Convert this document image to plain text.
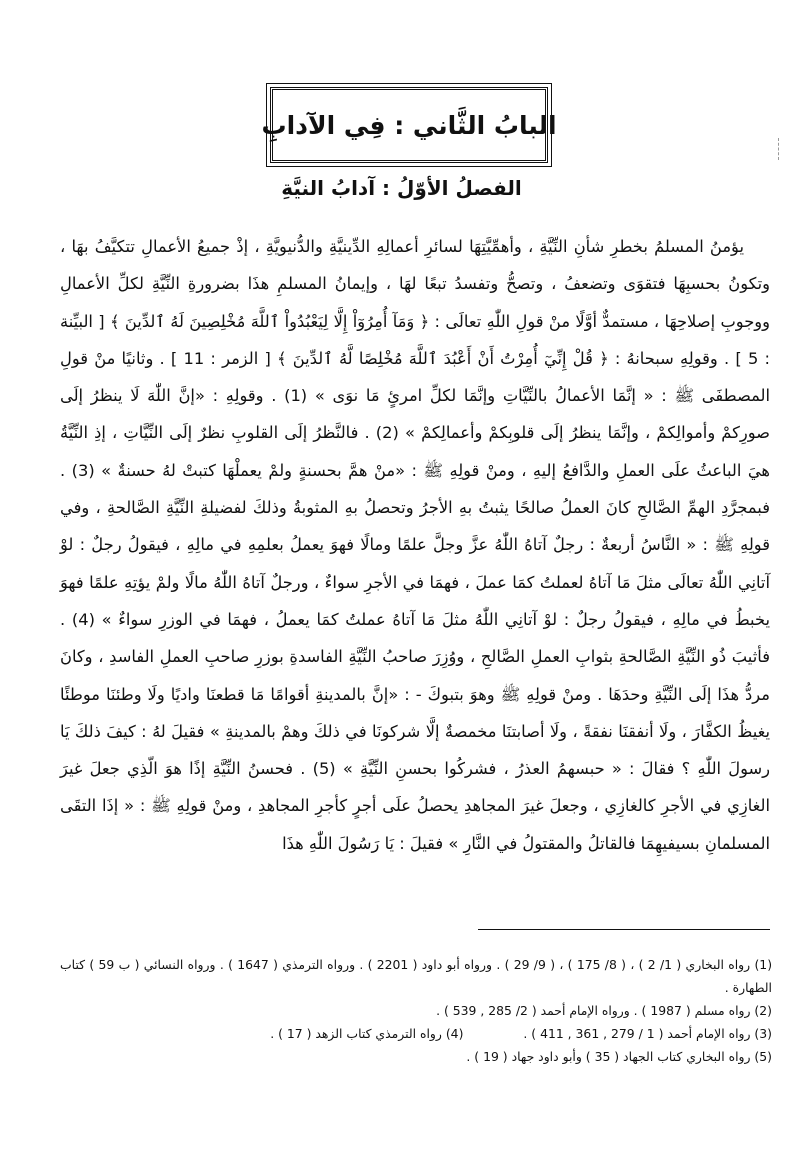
البابُ الثَّاني : فِي الآدابِ
الفصلُ الأوّلُ : آدابُ النيَّةِ

يؤمنُ المسلمُ بخطرِ شأنِ النِّيَّةِ ، وأهمِّيَّتِهَا لسائرِ أعمالِهِ الدِّينيَّةِ والدُّنيويَّةِ ، إذْ جميعُ الأعمالِ تتكيَّفُ بهَا ، وتكونُ بحسبِهَا فتقوَى وتضعفُ ، وتصحُّ وتفسدُ تبعًا لهَا ، وإيمانُ المسلمِ هذَا بضرورةِ النِّيَّةِ لكلِّ الأعمالِ ووجوبِ إصلاحِهَا ، مستمدٌّ أوَّلًا منْ قولِ اللّٰهِ تعالَى : ﴿ وَمَآ أُمِرُوٓاْ إِلَّا لِيَعْبُدُواْ ٱللَّهَ مُخْلِصِينَ لَهُ ٱلدِّينَ ﴾ [ البيِّنة : 5 ] . وقولِهِ سبحانهُ : ﴿ قُلْ إِنِّيٓ أُمِرْتُ أَنْ أَعْبُدَ ٱللَّهَ مُخْلِصًا لَّهُ ٱلدِّينَ ﴾ [ الزمر : 11 ] . وثانيًا منْ قولِ المصطفَى ﷺ : « إنَّمَا الأعمالُ بالنِّيَّاتِ وإنَّمَا لكلِّ امرئٍ مَا نوَى » (1) . وقولِهِ : «إنَّ اللّٰهَ لَا ينظرُ إلَى صورِكمْ وأموالِكمْ ، وإنَّمَا ينظرُ إلَى قلوبِكمْ وأعمالِكمْ » (2) . فالنَّظرُ إلَى القلوبِ نظرٌ إلَى النِّيَّاتِ ، إذِ النِّيَّةُ هيَ الباعثُ علَى العملِ والدَّافعُ إليهِ ، ومنْ قولِهِ ﷺ : «منْ همَّ بحسنةٍ ولمْ يعملْهَا كتبتْ لهُ حسنةٌ » (3) . فبمجرَّدِ الهمِّ الصَّالحِ كانَ العملُ صالحًا يثبتُ بهِ الأجرُ وتحصلُ بهِ المثوبةُ وذلكَ لفضيلةِ النِّيَّةِ الصَّالحةِ ، وفي قولِهِ ﷺ : « النَّاسُ أربعةٌ : رجلٌ آتاهُ اللّٰهُ عزَّ وجلَّ علمًا ومالًا فهوَ يعملُ بعلمِهِ في مالِهِ ، فيقولُ رجلٌ : لوْ آتانِي اللّٰهُ تعالَى مثلَ مَا آتاهُ لعملتُ كمَا عملَ ، فهمَا في الأجرِ سواءٌ ، ورجلٌ آتاهُ اللّٰهُ مالًا ولمْ يؤتِهِ علمًا فهوَ يخبطُ في مالِهِ ، فيقولُ رجلٌ : لوْ آتانِي اللّٰهُ مثلَ مَا آتاهُ عملتُ كمَا يعملُ ، فهمَا في الوزرِ سواءٌ » (4) . فأثيبَ ذُو النِّيَّةِ الصَّالحةِ بثوابِ العملِ الصَّالحِ ، ووُزِرَ صاحبُ النِّيَّةِ الفاسدةِ بوزرِ صاحبِ العملِ الفاسدِ ، وكانَ مردُّ هذَا إلَى النِّيَّةِ وحدَهَا . ومنْ قولِهِ ﷺ وهوَ بتبوكَ - : «إنَّ بالمدينةِ أقوامًا مَا قطعنَا واديًا ولَا وطئنَا موطئًا يغيظُ الكفَّارَ ، ولَا أنفقنَا نفقةً ، ولَا أصابتنَا مخمصةٌ إلَّا شركونَا في ذلكَ وهمْ بالمدينةِ » فقيلَ لهُ : كيفَ ذلكَ يَا رسولَ اللّٰهِ ؟ فقالَ : « حبسهمُ العذرُ ، فشركُوا بحسنِ النِّيَّةِ » (5) . فحسنُ النِّيَّةِ إذًا هوَ الّذِي جعلَ غيرَ الغازِي في الأجرِ كالغازِي ، وجعلَ غيرَ المجاهدِ يحصلُ علَى أجرٍ كأجرِ المجاهدِ ، ومنْ قولِهِ ﷺ : « إذَا التقَى المسلمانِ بسيفيهِمَا فالقاتلُ والمقتولُ في النَّارِ » فقيلَ : يَا رَسُولَ اللّٰهِ هذَا

(1) رواه البخاري ( 1/ 2 ) ، ( 8/ 175 ) ، ( 9/ 29 ) . ورواه أبو داود ( 2201 ) . ورواه الترمذي ( 1647 ) . ورواه النسائي ( ب 59 ) كتاب الطهارة .

(2) رواه مسلم ( 1987 ) . ورواه الإمام أحمد ( 2/ 285 , 539 ) .

(3) رواه الإمام أحمد ( 1 / 279 , 361 , 411 ) .
(4) رواه الترمذي كتاب الزهد ( 17 ) .

(5) رواه البخاري كتاب الجهاد ( 35 ) وأبو داود جهاد ( 19 ) .
